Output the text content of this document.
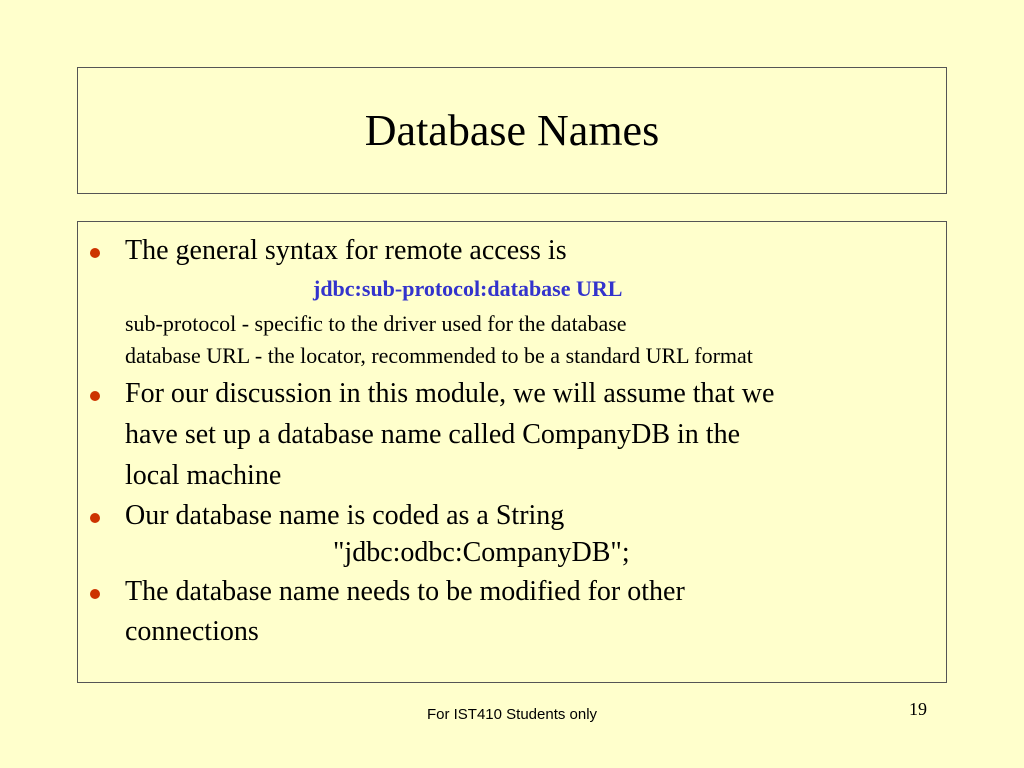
Database Names
The general syntax for remote access is
jdbc:sub-protocol:database URL
sub-protocol - specific to the driver used for the database
database URL - the locator, recommended to be a standard URL format
For our discussion in this module, we will assume that we
have set up a database name called CompanyDB in the
local machine
Our database name is coded as a String
"jdbc:odbc:CompanyDB";
The database name needs to be modified for other
connections
For IST410 Students only	19
